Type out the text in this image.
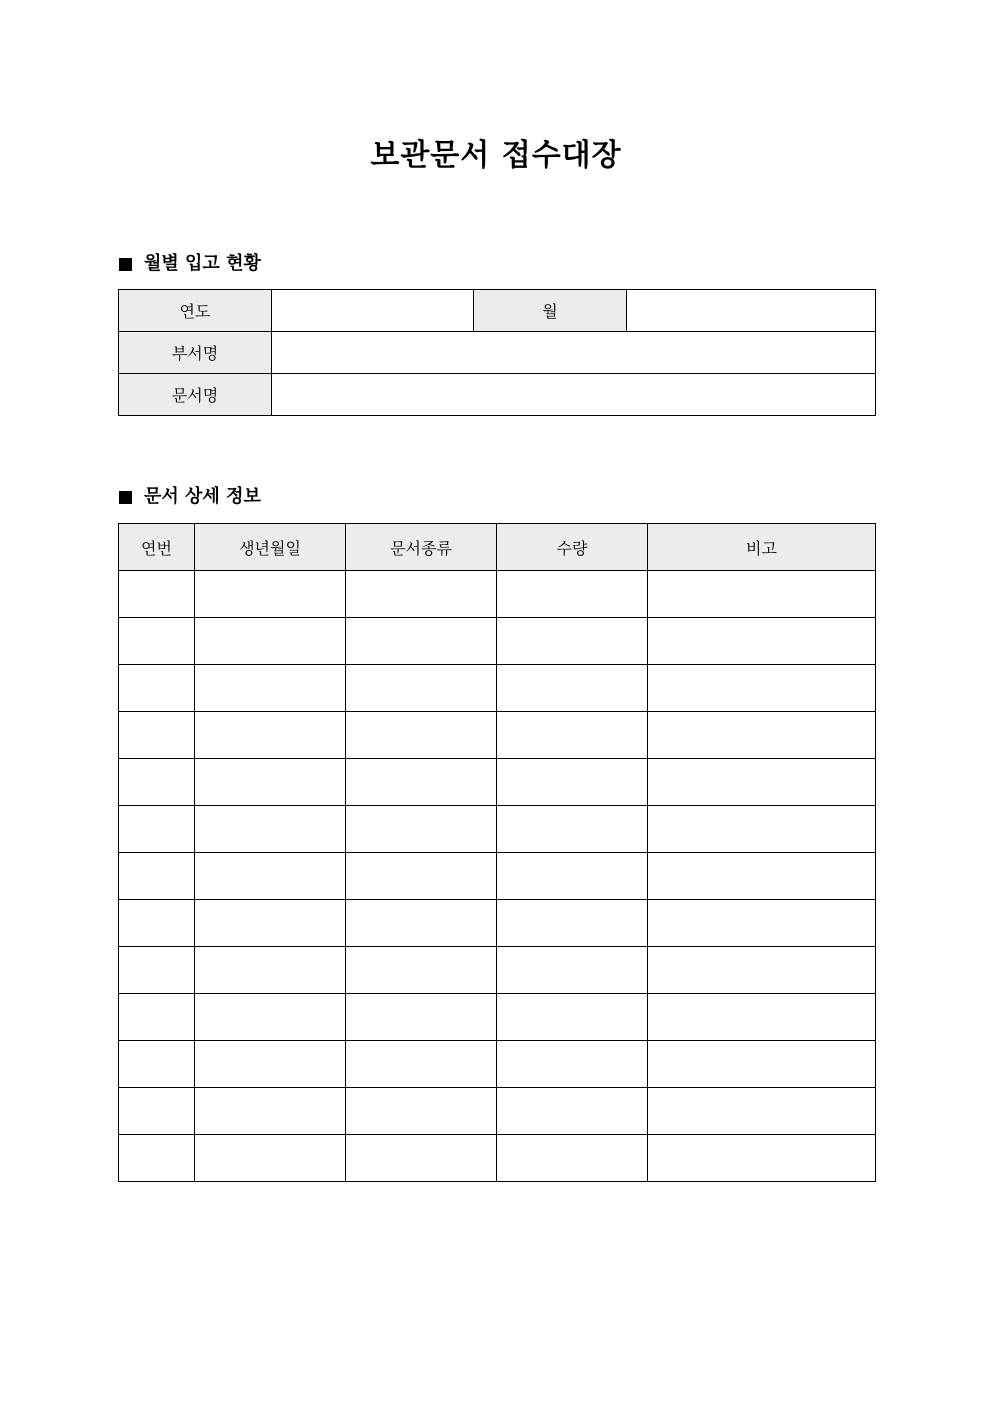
보관문서 접수대장
월별 입고 현황
연도		월	
부서명			
문서명			
문서 상세 정보
연번	생년월일	문서종류	수량	비고
